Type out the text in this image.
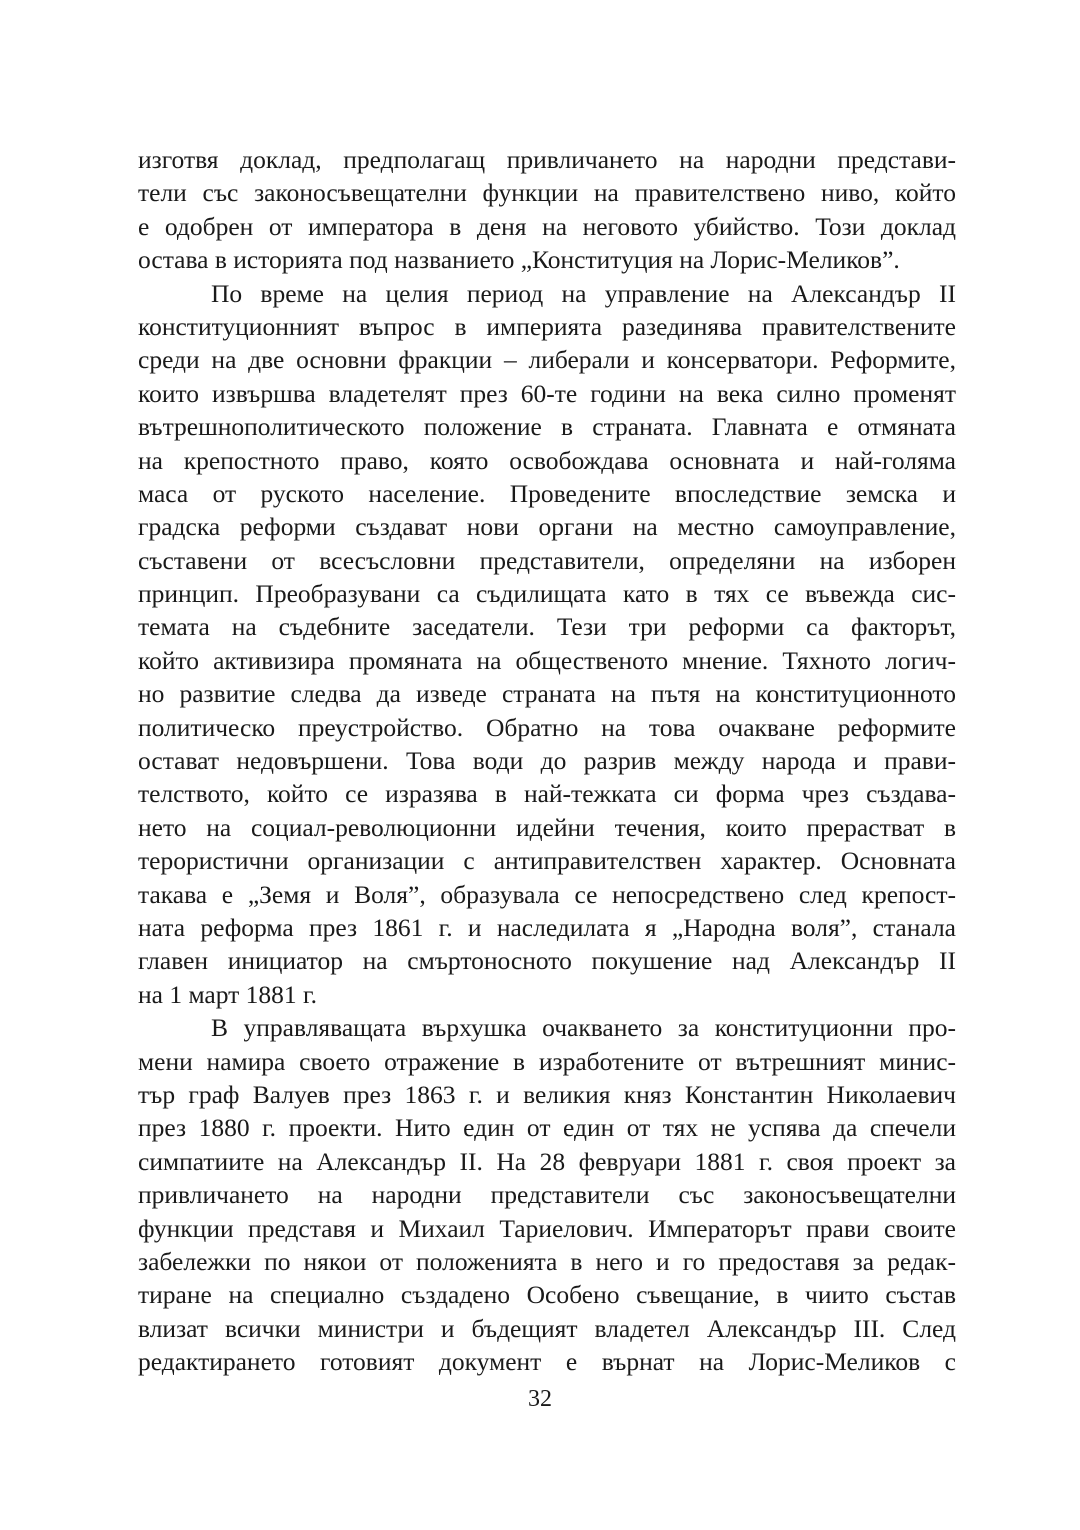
изготвя доклад, предполагащ привличането на народни представи-
тели със законосъвещателни функции на правителствено ниво, който
е одобрен от императора в деня на неговото убийство. Този доклад
остава в историята под названието „Конституция на Лорис-Меликов”.
По време на целия период на управление на Александър II
конституционният въпрос в империята разединява правителствените
среди на две основни фракции – либерали и консерватори. Реформите,
които извършва владетелят през 60-те години на века силно променят
вътрешнополитическото положение в страната. Главната е отмяната
на крепостното право, която освобождава основната и най-голяма
маса от руското население. Проведените впоследствие земска и
градска реформи създават нови органи на местно самоуправление,
съставени от всесъсловни представители, определяни на изборен
принцип. Преобразувани са съдилищата като в тях се въвежда сис-
темата на съдебните заседатели. Тези три реформи са факторът,
който активизира промяната на общественото мнение. Тяхното логич-
но развитие следва да изведе страната на пътя на конституционното
политическо преустройство. Обратно на това очакване реформите
остават недовършени. Това води до разрив между народа и прави-
телството, който се изразява в най-тежката си форма чрез създава-
нето на социал-революционни идейни течения, които прерастват в
терористични организации с антиправителствен характер. Основната
такава е „Земя и Воля”, образувала се непосредствено след крепост-
ната реформа през 1861 г. и наследилата я „Народна воля”, станала
главен инициатор на смъртоносното покушение над Александър II
на 1 март 1881 г.
В управляващата върхушка очакването за конституционни про-
мени намира своето отражение в изработените от вътрешният минис-
тър граф Валуев през 1863 г. и великия княз Константин Николаевич
през 1880 г. проекти. Нито един от един от тях не успява да спечели
симпатиите на Александър II. На 28 февруари 1881 г. своя проект за
привличането на народни представители със законосъвещателни
функции представя и Михаил Тариелович. Императорът прави своите
забележки по някои от положенията в него и го предоставя за редак-
тиране на специално създадено Особено съвещание, в чиито състав
влизат всички министри и бъдещият владетел Александър III. След
редактирането готовият документ е върнат на Лорис-Меликов с
32
